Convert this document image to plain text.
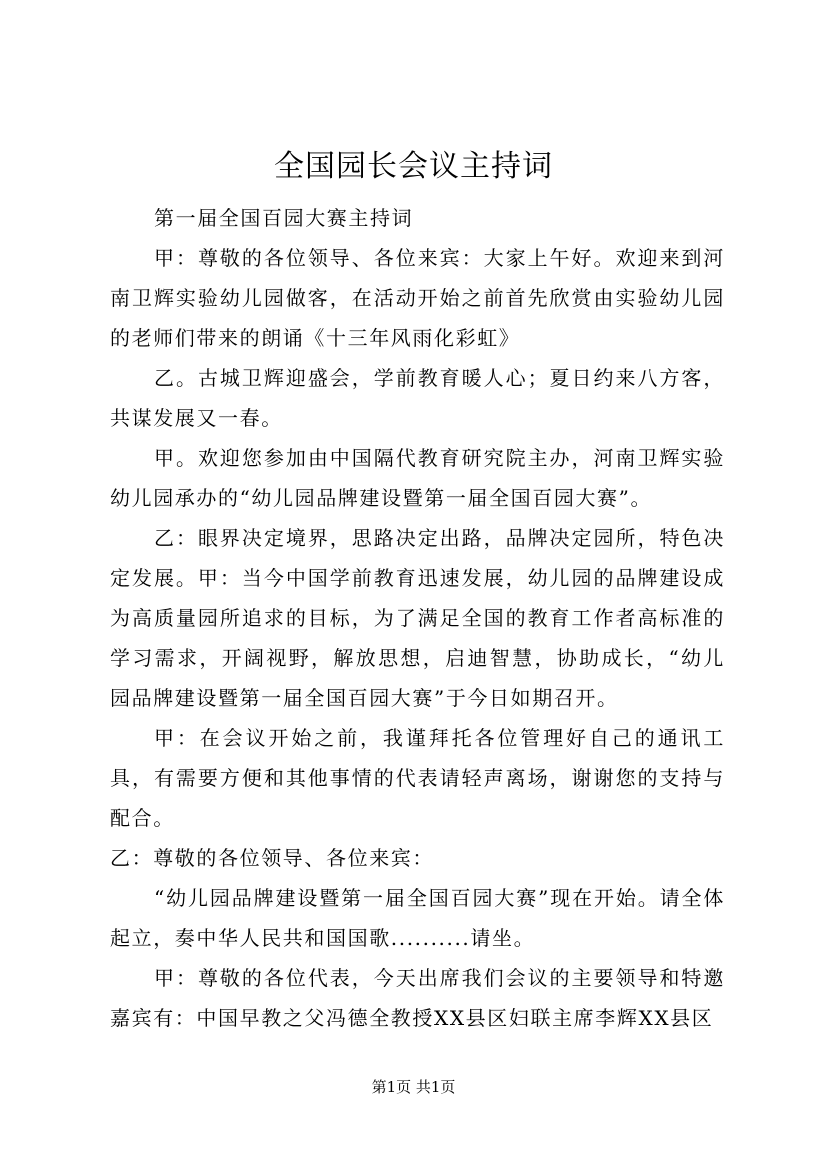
全国园长会议主持词

第一届全国百园大赛主持词

甲：尊敬的各位领导、各位来宾：大家上午好。欢迎来到河南卫辉实验幼儿园做客，在活动开始之前首先欣赏由实验幼儿园的老师们带来的朗诵《十三年风雨化彩虹》

乙。古城卫辉迎盛会，学前教育暖人心；夏日约来八方客，共谋发展又一春。

甲。欢迎您参加由中国隔代教育研究院主办，河南卫辉实验幼儿园承办的“幼儿园品牌建设暨第一届全国百园大赛”。

乙：眼界决定境界，思路决定出路，品牌决定园所，特色决定发展。甲：当今中国学前教育迅速发展，幼儿园的品牌建设成为高质量园所追求的目标，为了满足全国的教育工作者高标准的学习需求，开阔视野，解放思想，启迪智慧，协助成长，“幼儿园品牌建设暨第一届全国百园大赛”于今日如期召开。

甲：在会议开始之前，我谨拜托各位管理好自己的通讯工具，有需要方便和其他事情的代表请轻声离场，谢谢您的支持与配合。

乙：尊敬的各位领导、各位来宾：

“幼儿园品牌建设暨第一届全国百园大赛”现在开始。请全体起立，奏中华人民共和国国歌..........请坐。

甲：尊敬的各位代表，今天出席我们会议的主要领导和特邀嘉宾有：中国早教之父冯德全教授XX县区妇联主席李辉XX县区

第1页 共1页
